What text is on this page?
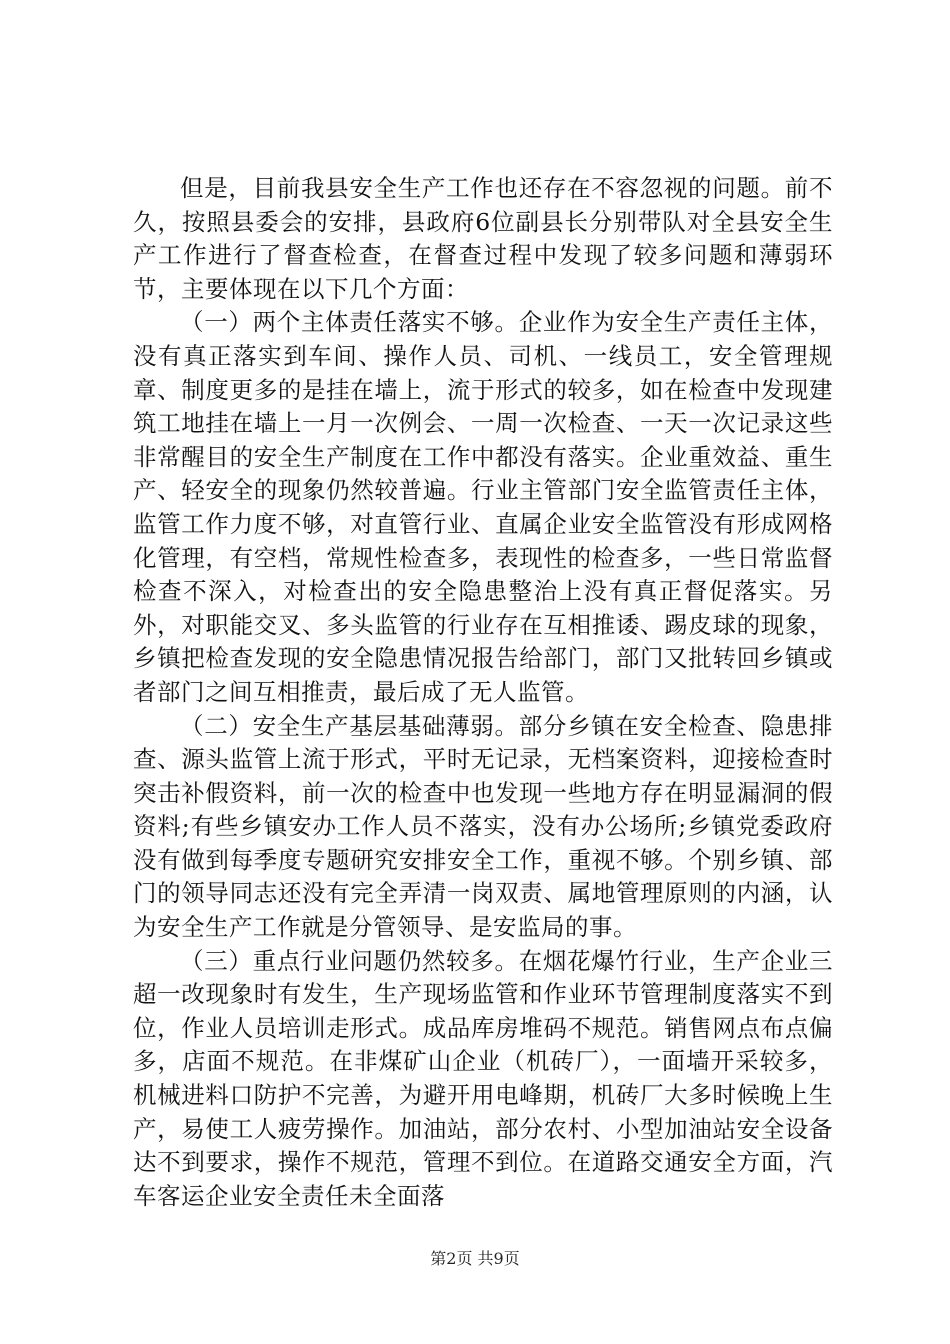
但是，目前我县安全生产工作也还存在不容忽视的问题。前不久，按照县委会的安排，县政府6位副县长分别带队对全县安全生产工作进行了督查检查，在督查过程中发现了较多问题和薄弱环节，主要体现在以下几个方面：

（一）两个主体责任落实不够。企业作为安全生产责任主体，没有真正落实到车间、操作人员、司机、一线员工，安全管理规章、制度更多的是挂在墙上，流于形式的较多，如在检查中发现建筑工地挂在墙上一月一次例会、一周一次检查、一天一次记录这些非常醒目的安全生产制度在工作中都没有落实。企业重效益、重生产、轻安全的现象仍然较普遍。行业主管部门安全监管责任主体，监管工作力度不够，对直管行业、直属企业安全监管没有形成网格化管理，有空档，常规性检查多，表现性的检查多，一些日常监督检查不深入，对检查出的安全隐患整治上没有真正督促落实。另外，对职能交叉、多头监管的行业存在互相推诿、踢皮球的现象，乡镇把检查发现的安全隐患情况报告给部门，部门又批转回乡镇或者部门之间互相推责，最后成了无人监管。

（二）安全生产基层基础薄弱。部分乡镇在安全检查、隐患排查、源头监管上流于形式，平时无记录，无档案资料，迎接检查时突击补假资料，前一次的检查中也发现一些地方存在明显漏洞的假资料;有些乡镇安办工作人员不落实，没有办公场所;乡镇党委政府没有做到每季度专题研究安排安全工作，重视不够。个别乡镇、部门的领导同志还没有完全弄清一岗双责、属地管理原则的内涵，认为安全生产工作就是分管领导、是安监局的事。

（三）重点行业问题仍然较多。在烟花爆竹行业，生产企业三超一改现象时有发生，生产现场监管和作业环节管理制度落实不到位，作业人员培训走形式。成品库房堆码不规范。销售网点布点偏多，店面不规范。在非煤矿山企业（机砖厂），一面墙开采较多，机械进料口防护不完善，为避开用电峰期，机砖厂大多时候晚上生产，易使工人疲劳操作。加油站，部分农村、小型加油站安全设备达不到要求，操作不规范，管理不到位。在道路交通安全方面，汽车客运企业安全责任未全面落

第2页 共9页
